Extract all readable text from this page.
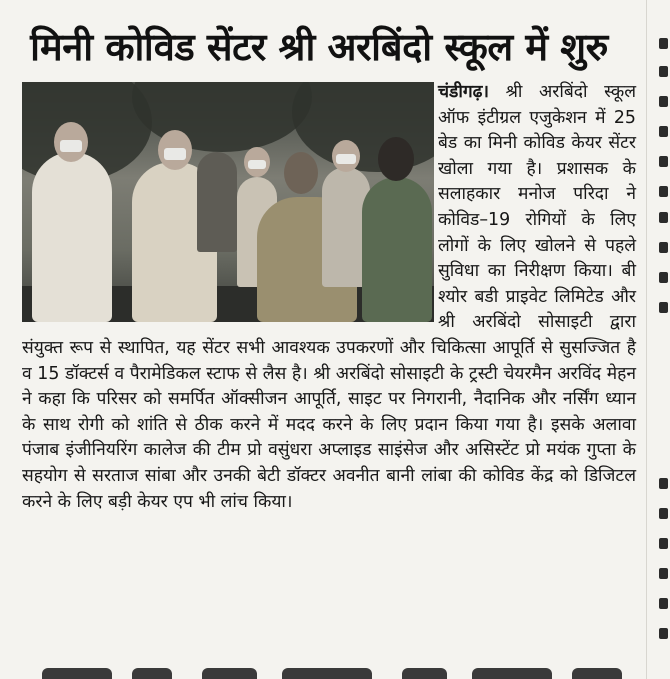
मिनी कोविड सेंटर श्री अरबिंदो स्कूल में शुरु

चंडीगढ़। श्री अरबिंदो स्कूल ऑफ इंटीग्रल एजुकेशन में 25 बेड का मिनी कोविड केयर सेंटर खोला गया है। प्रशासक के सलाहकार मनोज परिदा ने कोविड–19 रोगियों के लिए लोगों के लिए खोलने से पहले सुविधा का निरीक्षण किया। बी श्योर बडी प्राइवेट लिमिटेड और श्री अरबिंदो सोसाइटी द्वारा संयुक्त रूप से स्थापित, यह सेंटर सभी आवश्यक उपकरणों और चिकित्सा आपूर्ति से सुसज्जित है व 15 डॉक्टर्स व पैरामेडिकल स्टाफ से लैस है। श्री अरबिंदो सोसाइटी के ट्रस्टी चेयरमैन अरविंद मेहन ने कहा कि परिसर को समर्पित ऑक्सीजन आपूर्ति, साइट पर निगरानी, नैदानिक और नर्सिंग ध्यान के साथ रोगी को शांति से ठीक करने में मदद करने के लिए प्रदान किया गया है। इसके अलावा पंजाब इंजीनियरिंग कालेज की टीम प्रो वसुंधरा अप्लाइड साइंसेज और असिस्टेंट प्रो मयंक गुप्ता के सहयोग से सरताज सांबा और उनकी बेटी डॉक्टर अवनीत बानी लांबा की कोविड केंद्र को डिजिटल करने के लिए बड़ी केयर एप भी लांच किया।
